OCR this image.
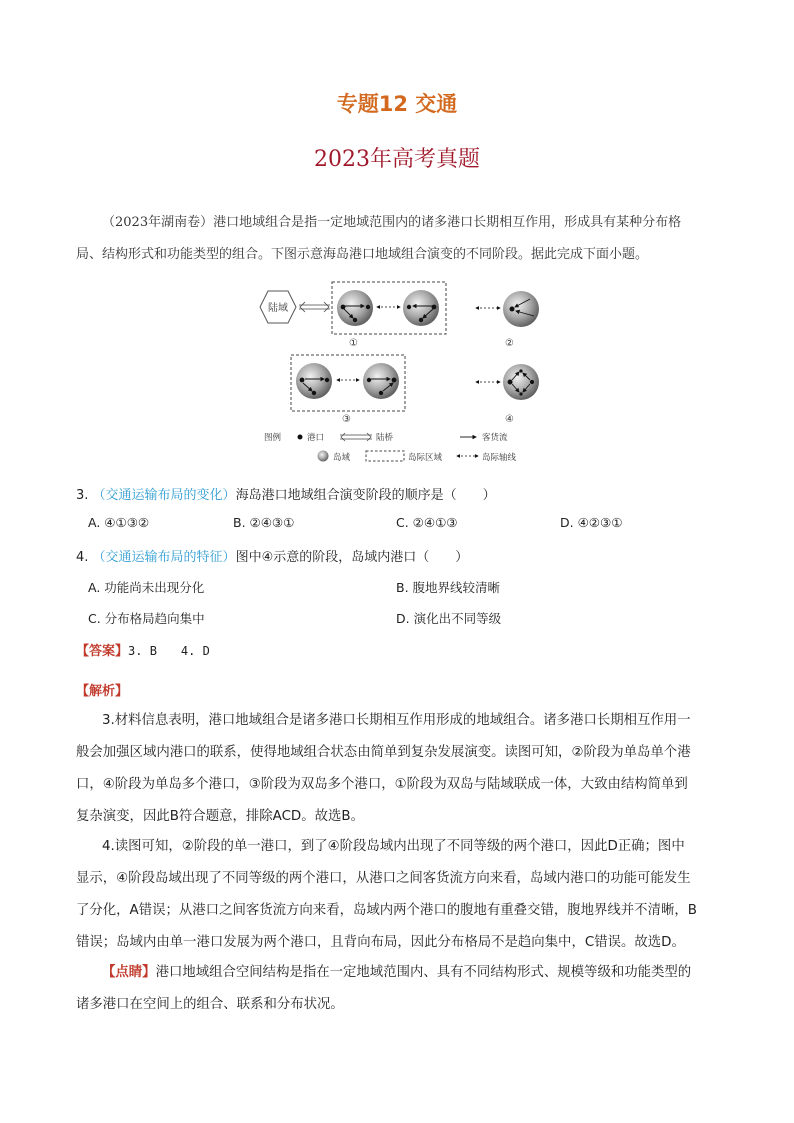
专题12 交通
2023年高考真题
（2023年湖南卷）港口地域组合是指一定地域范围内的诸多港口长期相互作用，形成具有某种分布格
局、结构形式和功能类型的组合。下图示意海岛港口地域组合演变的不同阶段。据此完成下面小题。
陆域
①	②
③	④
图例	港口	陆桥	客货流
岛域	岛际区域	岛际轴线
3. （交通运输布局的变化）海岛港口地域组合演变阶段的顺序是（　　）
A. ④①③②	B. ②④③①	C. ②④①③	D. ④②③①
4. （交通运输布局的特征）图中④示意的阶段，岛域内港口（　　）
A. 功能尚未出现分化	B. 腹地界线较清晰
C. 分布格局趋向集中	D. 演化出不同等级
【答案】3. B　　4. D
【解析】
3.材料信息表明，港口地域组合是诸多港口长期相互作用形成的地域组合。诸多港口长期相互作用一
般会加强区域内港口的联系，使得地域组合状态由简单到复杂发展演变。读图可知，②阶段为单岛单个港
口，④阶段为单岛多个港口，③阶段为双岛多个港口，①阶段为双岛与陆域联成一体，大致由结构简单到
复杂演变，因此B符合题意，排除ACD。故选B。
4.读图可知，②阶段的单一港口，到了④阶段岛域内出现了不同等级的两个港口，因此D正确；图中
显示，④阶段岛域出现了不同等级的两个港口，从港口之间客货流方向来看，岛域内港口的功能可能发生
了分化，A错误；从港口之间客货流方向来看，岛域内两个港口的腹地有重叠交错，腹地界线并不清晰，B
错误；岛域内由单一港口发展为两个港口，且背向布局，因此分布格局不是趋向集中，C错误。故选D。
【点睛】港口地域组合空间结构是指在一定地域范围内、具有不同结构形式、规模等级和功能类型的
诸多港口在空间上的组合、联系和分布状况。
